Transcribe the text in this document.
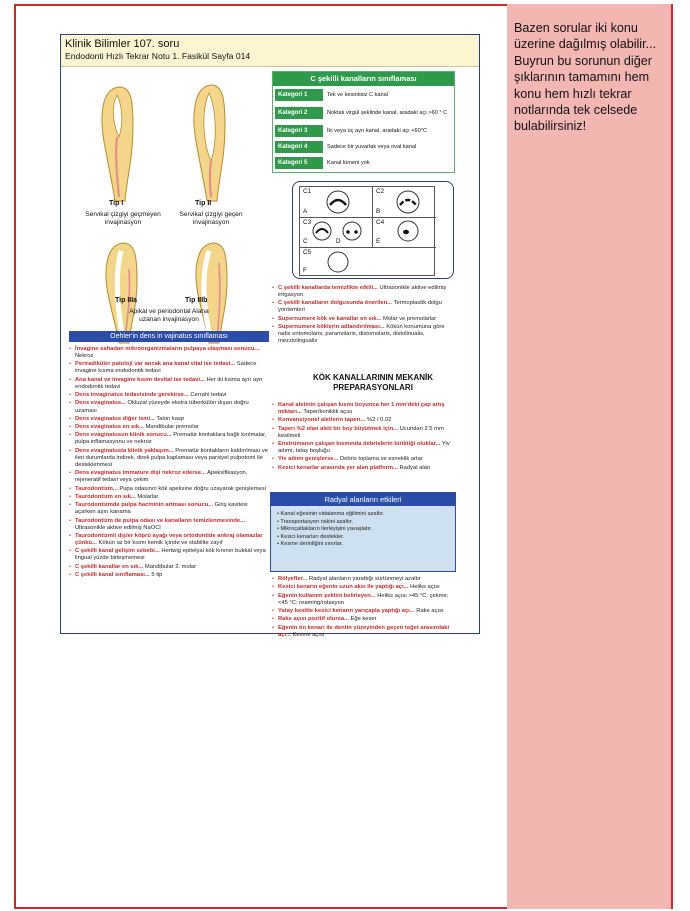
Bazen sorular iki konu üzerine dağılmış olabilir... Buyrun bu sorunun diğer şıklarının tamamını hem konu hem hızlı tekrar notlarında tek celsede bulabilirsiniz!
Klinik Bilimler 107. soru
Endodonti Hızlı Tekrar Notu 1. Fasikül Sayfa 014
Tip I	Tip II
Servikal çizgiyi geçmeyen invajinasyon
Servikal çizgiyi geçen invajinasyon
Tip IIIa	Tip IIIb
Apikal ve periodontal Alana uzanan invajinasyon
C şekilli kanalların sınıflaması
Kategori 1	Tek ve kesintisiz C kanal
Kategori 2	Noktalı virgül şeklinde kanal, aradaki açı >60 ° C
Kategori 3	İki veya üç ayrı kanal, aradaki açı <60°C
Kategori 4	Sadece bir yuvarlak veya oval kanal
Kategori 5	Kanal lümeni yok
C1
A
C2
B
C3
C	D
C4
E
C5
F
Oehler'in dens in vajinatus sınıflaması
• İnvagine sahadan mikroorganizmaların pulpaya ulaşması sonucu... Nekroz
• Periradiküler patoloji var ancak ana kanal vital ise tedavi... Sadece invagine kısma endodontik tedavi
• Ana kanal ve invagine kısım devital ise tedavi... Her iki kısma ayrı ayrı endodontik tedavi
• Dens invaginatus tedavisinde gerekirse... Cerrahi tedavi
• Dens evaginatus... Okluzal yüzeyde ekstra tüberkülün dışarı doğru uzaması
• Dens evaginatus diğer ismi... Talon kasp
• Dens evaginatus en sık... Mandibular premolar
• Dens evaginatusun klinik sonucu... Prematür kontaklara bağlı kırılmalar, pulpa inflamasyonu ve nekroz
• Dens evaginatusta klinik yaklaşım... Prematür kontakların kaldırılması ve ileri durumlarda indirek, direk pulpa kaplaması veya parsiyel pulpotomi ile desteklenmesi
• Dens evaginatus immature dişi nekroz ederse... Apeksifikasyon, rejeneratif tedavi veya çekim
• Taurodontizm... Pupa odasının kök apeksine doğru uzayarak genişlemesi
• Taurodontizm en sık... Molarlar
• Taurodontizmde pulpa hacminin artması sonucu... Giriş kavitesi açarken aşırı kanama
• Taurodontizm de pulpa odası ve kanalların temizlenmesinde... Ultrasonikle aktive edilmiş NaOCl
• Taurodontizmli dişler köprü ayağı veya ortodontide ankraj olamazlar çünkü... Kökün az bir kısmı kemik içinde ve stabilite zayıf
• C şekilli kanal gelişim sebebi... Hertwig epitelyal kök kınının bukkal veya lingual yüzde birleşmemesi
• C şekilli kanallar en sık... Mandibular 2. molar
• C şekilli kanal sınıflaması... 5 tip
• C şekilli kanallarda temizlikte etkili... Ultrasonikle aktive edilmiş irrigasyon
• C şekilli kanalların dolgusunda önerilen... Termoplastik dolgu yöntemleri
• Supernumere kök ve kanallar en sık... Molar ve premolarlar
• Supernumere köklerin adlandırılması... Kökün konumuna göre radix entomolaris, paramolaris, distomolaris, distolinualis, mezziolingualis
KÖK KANALLARININ MEKANİK PREPARASYONLARI
• Kanal aletinin çalışan kısmı boyunca her 1 mm'deki çap artış miktarı... Taper/koniklik açısı
• Konvansiyonel aletlerin taperı... %2 / 0.02
• Taperı %2 olan aleti bir boy büyütmek için... Ucundan 2.5 mm kesilmeli
• Enstrümanın çalışan kısmında debrislerin biriktiği oluklar... Yiv adımı, talaş boşluğu
• Yiv adımı genişlerse... Debris toplama ve esneklik artar
• Kesici kenarlar arasında yer alan platform... Radyal alan
Radyal alanların etkileri
• Kanal eğesinin vidalanma eğilimini azaltır.
• Transportasyon riskini azaltır.
• Mikroçatlakların ilerleyişini yavaşlatır.
• Kesici kenarları destekler.
• Kesme derinliğini sınırlar.
• Rölyefler... Radyal alanların yarattığı sürtünmeyi azaltır
• Kesici kenarın eğenin uzun aksı ile yaptığı açı... Heliks açısı
• Eğenin kullanım şeklini belirleyen... Heliks açısı >45 °C: çekme; <45 °C: reaming/rotasyon
• Yatay kesitte kesici kenarın yarıçapla yaptığı açı... Rake açısı
• Rake açısı pozitif olursa... Eğe keser
• Eğenin ön kenarı ile dentin yüzeyinden geçen teğet arasındaki açı... Kesme açısı
